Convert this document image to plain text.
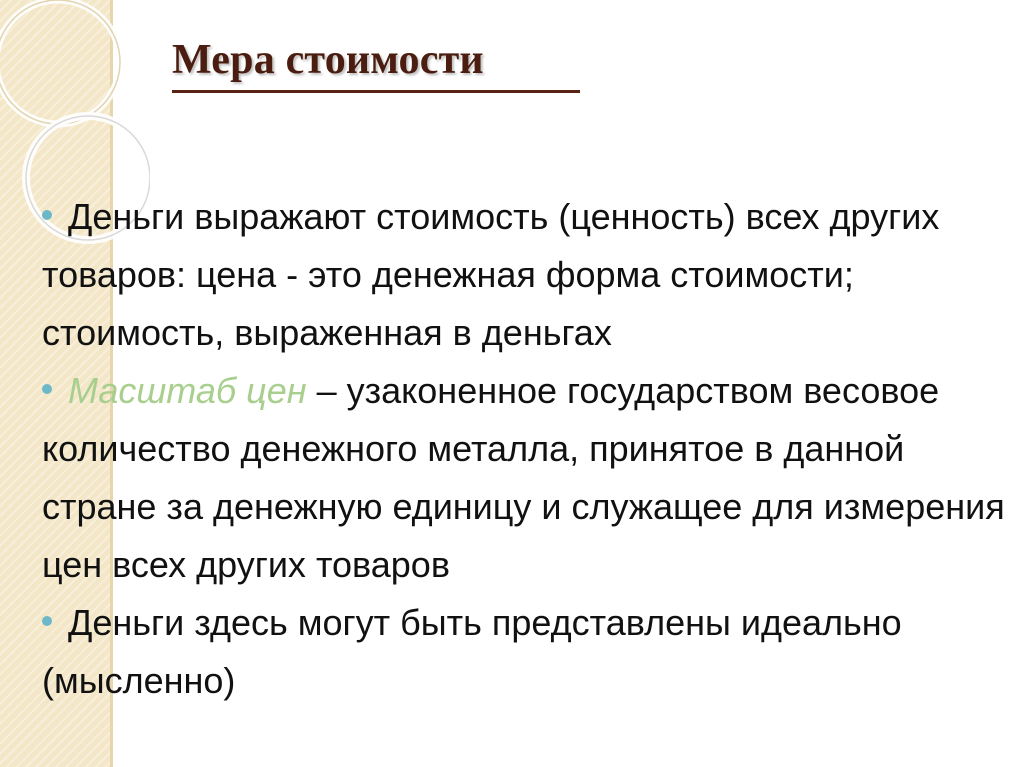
Мера стоимости

Деньги выражают стоимость (ценность) всех других товаров: цена - это денежная форма стоимости; стоимость, выраженная в деньгах

Масштаб цен – узаконенное государством весовое количество денежного металла, принятое в данной стране за денежную единицу и служащее для измерения цен всех других товаров

Деньги здесь могут быть представлены идеально (мысленно)
